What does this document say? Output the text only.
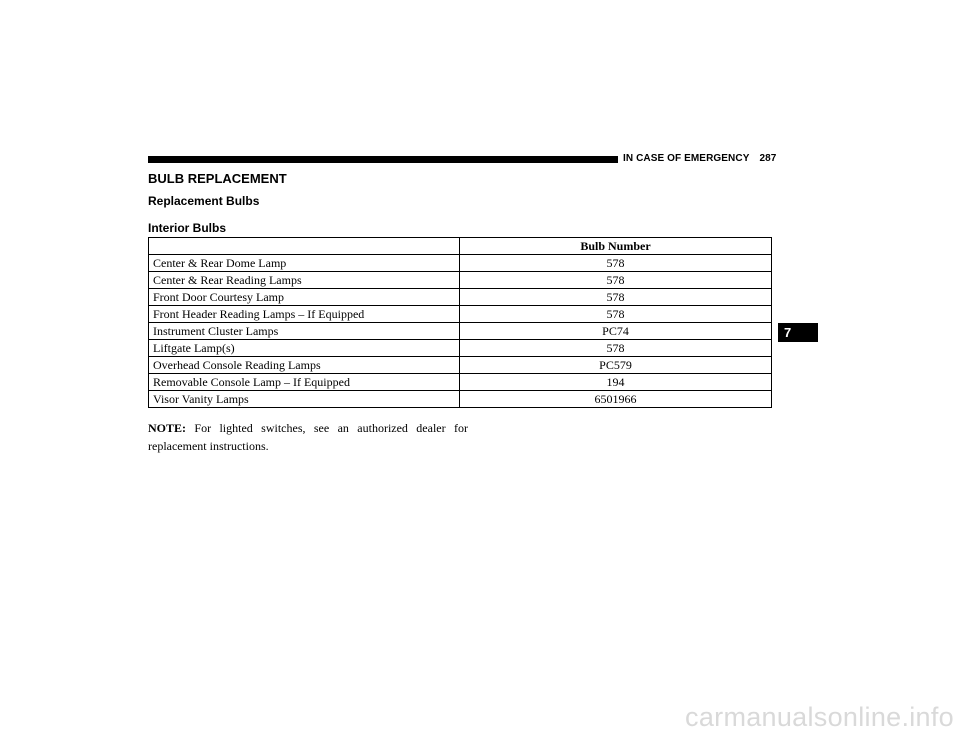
IN CASE OF EMERGENCY 287
BULB REPLACEMENT
Replacement Bulbs
Interior Bulbs
	Bulb Number
Center & Rear Dome Lamp	578
Center & Rear Reading Lamps	578
Front Door Courtesy Lamp	578
Front Header Reading Lamps – If Equipped	578
Instrument Cluster Lamps	PC74
Liftgate Lamp(s)	578
Overhead Console Reading Lamps	PC579
Removable Console Lamp – If Equipped	194
Visor Vanity Lamps	6501966
NOTE: For lighted switches, see an authorized dealer for replacement instructions.
7
carmanualsonline.info
